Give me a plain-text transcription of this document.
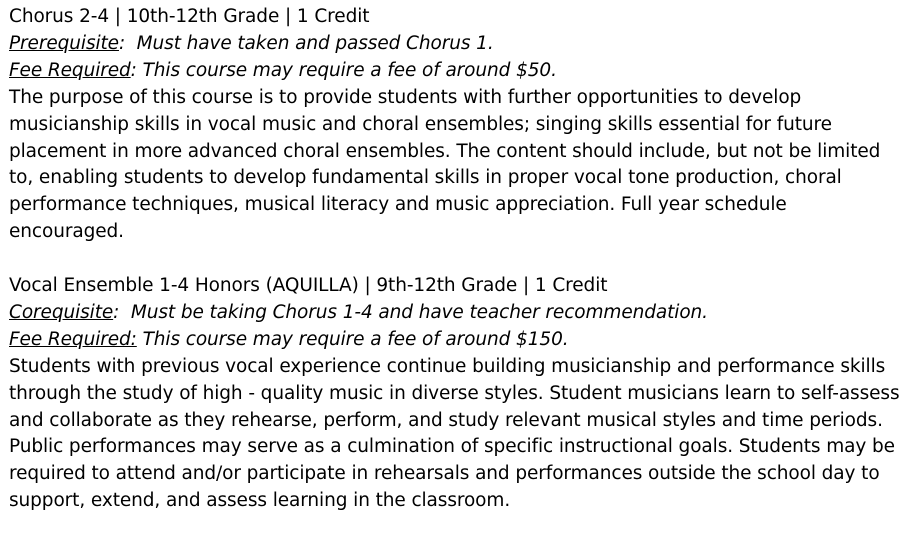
Chorus 2-4 | 10th-12th Grade | 1 Credit

Prerequisite:  Must have taken and passed Chorus 1.

Fee Required: This course may require a fee of around $50.

The purpose of this course is to provide students with further opportunities to develop musicianship skills in vocal music and choral ensembles; singing skills essential for future placement in more advanced choral ensembles. The content should include, but not be limited to, enabling students to develop fundamental skills in proper vocal tone production, choral performance techniques, musical literacy and music appreciation. Full year schedule encouraged.

Vocal Ensemble 1-4 Honors (AQUILLA) | 9th-12th Grade | 1 Credit

Corequisite:  Must be taking Chorus 1-4 and have teacher recommendation.

Fee Required: This course may require a fee of around $150.

Students with previous vocal experience continue building musicianship and performance skills through the study of high - quality music in diverse styles. Student musicians learn to self-assess and collaborate as they rehearse, perform, and study relevant musical styles and time periods. Public performances may serve as a culmination of specific instructional goals. Students may be required to attend and/or participate in rehearsals and performances outside the school day to support, extend, and assess learning in the classroom.
